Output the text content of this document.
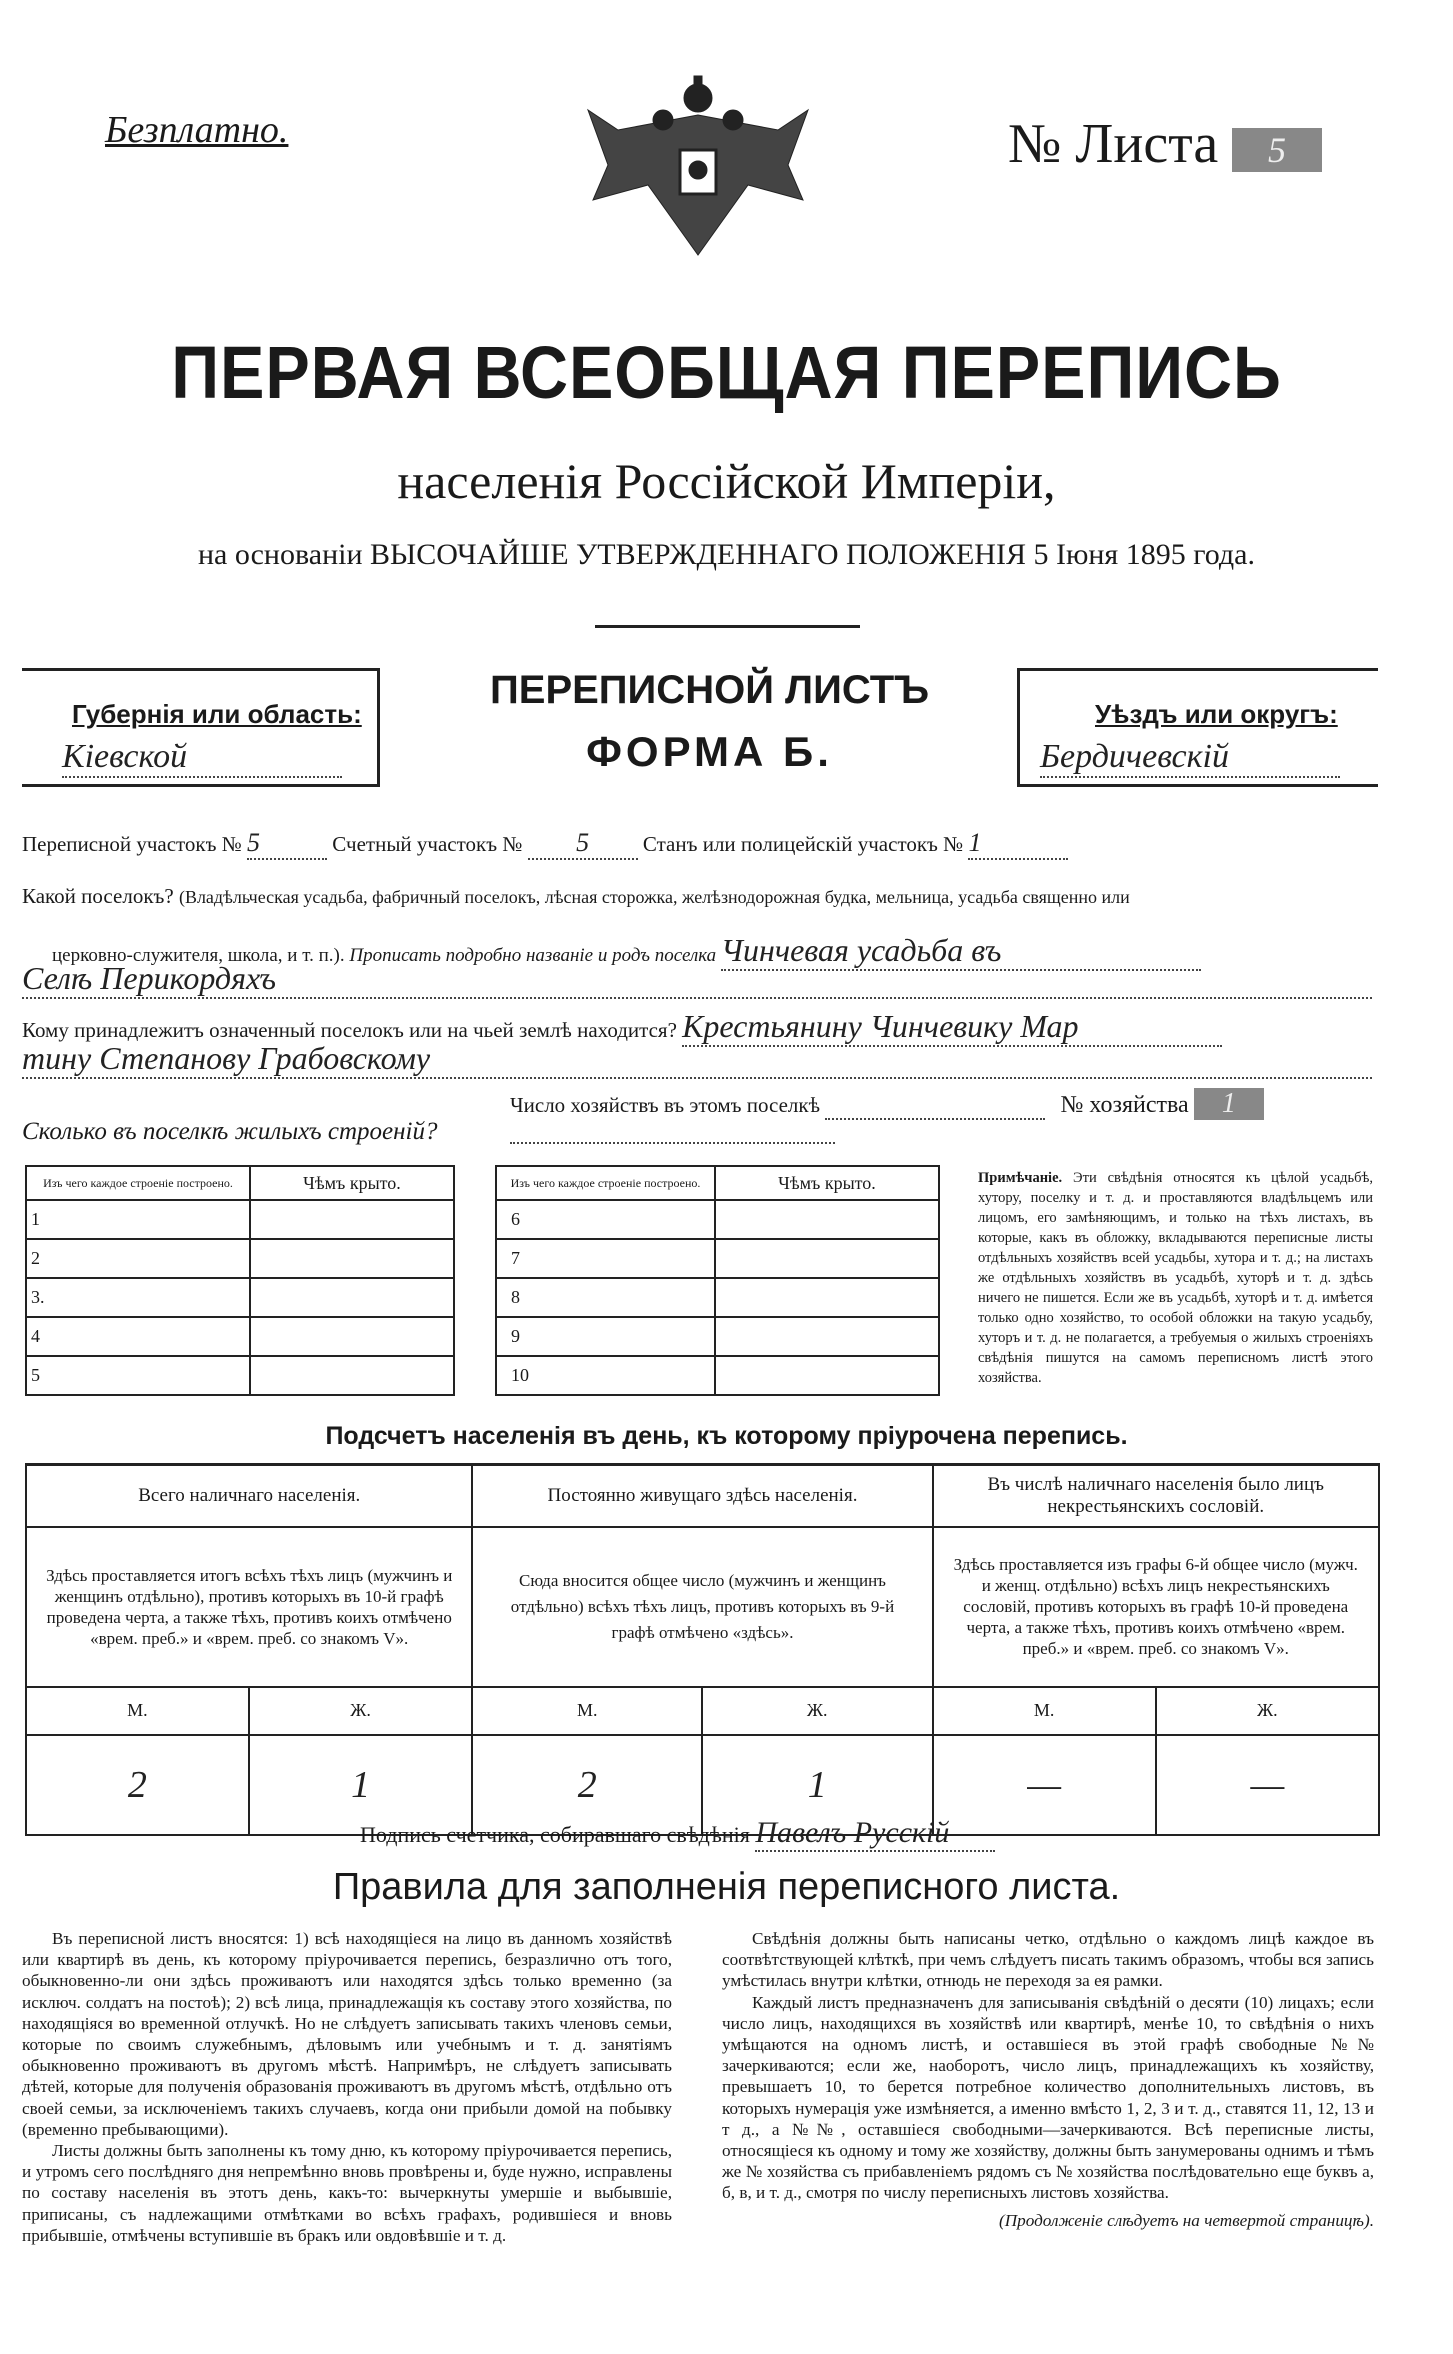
Безплатно.	№ Листа	5
ПЕРВАЯ ВСЕОБЩАЯ ПЕРЕПИСЬ
населенія Россійской Имперіи,
на основаніи ВЫСОЧАЙШЕ УТВЕРЖДЕННАГО ПОЛОЖЕНІЯ 5 Іюня 1895 года.
Губернія или область:
Кіевской
ПЕРЕПИСНОЙ ЛИСТЪ
ФОРМА Б.
Уѣздъ или округъ:
Бердичевскій
Переписной участокъ № 5	Счетный участокъ № 5	Станъ или полицейскій участокъ № 1
Какой поселокъ? (Владѣльческая усадьба, фабричный поселокъ, лѣсная сторожка, желѣзнодорожная будка, мельница, усадьба священно или
церковно-служителя, школа, и т. п.). Прописать подробно названіе и родъ поселка Чинчевая усадьба въ
Селѣ Перикордяхъ
Кому принадлежитъ означенный поселокъ или на чьей землѣ находится? Крестьянину Чинчевику Мар
тину Степанову Грабовскому
Число хозяйствъ въ этомъ поселкѣ	№ хозяйства 1
Сколько въ поселкѣ жилыхъ строеній?
Изъ чего каждое строеніе построено.	Чѣмъ крыто.
1	
2	
3.	
4	
5	
Изъ чего каждое строеніе построено.	Чѣмъ крыто.
6	
7	
8	
9	
10	
Примѣчаніе. Эти свѣдѣнія относятся къ цѣлой усадьбѣ, хутору, поселку и т. д. и проставляются владѣльцемъ или лицомъ, его замѣняющимъ, и только на тѣхъ листахъ, въ которые, какъ въ обложку, вкладываются переписные листы отдѣльныхъ хозяйствъ всей усадьбы, хутора и т. д.; на листахъ же отдѣльныхъ хозяйствъ въ усадьбѣ, хуторѣ и т. д. здѣсь ничего не пишется. Если же въ усадьбѣ, хуторѣ и т. д. имѣется только одно хозяйство, то особой обложки на такую усадьбу, хуторъ и т. д. не полагается, а требуемыя о жилыхъ строеніяхъ свѣдѣнія пишутся на самомъ переписномъ листѣ этого хозяйства.
Подсчетъ населенія въ день, къ которому пріурочена перепись.
Всего наличнаго населенія.		Постоянно живущаго здѣсь населенія.		Въ числѣ наличнаго населенія было лицъ некрестьянскихъ сословій.	
Здѣсь проставляется итогъ всѣхъ тѣхъ лицъ (мужчинъ и женщинъ отдѣльно), противъ которыхъ въ 10-й графѣ проведена черта, а также тѣхъ, противъ коихъ отмѣчено «врем. преб.» и «врем. преб. со знакомъ V».		Сюда вносится общее число (мужчинъ и женщинъ отдѣльно) всѣхъ тѣхъ лицъ, противъ которыхъ въ 9-й графѣ отмѣчено «здѣсь».		Здѣсь проставляется изъ графы 6-й общее число (мужч. и женщ. отдѣльно) всѣхъ лицъ некрестьянскихъ сословій, противъ которыхъ въ графѣ 10-й проведена черта, а также тѣхъ, противъ коихъ отмѣчено «врем. преб.» и «врем. преб. со знакомъ V».	
М.	Ж.	М.	Ж.	М.	Ж.
2	1	2	1	—	—
Подпись счетчика, собиравшаго свѣдѣнія Павелъ Русскій
Правила для заполненія переписного листа.

Въ переписной листъ вносятся: 1) всѣ находящіеся на лицо въ данномъ хозяйствѣ или квартирѣ въ день, къ которому пріурочивается перепись, безразлично отъ того, обыкновенно-ли они здѣсь проживаютъ или находятся здѣсь только временно (за исключ. солдатъ на постоѣ); 2) всѣ лица, принадлежащія къ составу этого хозяйства, по находящіяся во временной отлучкѣ. Но не слѣдуетъ записывать такихъ членовъ семьи, которые по своимъ служебнымъ, дѣловымъ или учебнымъ и т. д. занятіямъ обыкновенно проживаютъ въ другомъ мѣстѣ. Напримѣръ, не слѣдуетъ записывать дѣтей, которые для полученія образованія проживаютъ въ другомъ мѣстѣ, отдѣльно отъ своей семьи, за исключеніемъ такихъ случаевъ, когда они прибыли домой на побывку (временно пребывающими).

Листы должны быть заполнены къ тому дню, къ которому пріурочивается перепись, и утромъ сего послѣдняго дня непремѣнно вновь провѣрены и, буде нужно, исправлены по составу населенія въ этотъ день, какъ-то: вычеркнуты умершіе и выбывшіе, приписаны, съ надлежащими отмѣтками во всѣхъ графахъ, родившіеся и вновь прибывшіе, отмѣчены вступившіе въ бракъ или овдовѣвшіе и т. д.

Свѣдѣнія должны быть написаны четко, отдѣльно о каждомъ лицѣ каждое въ соотвѣтствующей клѣткѣ, при чемъ слѣдуетъ писать такимъ образомъ, чтобы вся запись умѣстилась внутри клѣтки, отнюдь не переходя за ея рамки.

Каждый листъ предназначенъ для записыванія свѣдѣній о десяти (10) лицахъ; если число лицъ, находящихся въ хозяйствѣ или квартирѣ, менѣе 10, то свѣдѣнія о нихъ умѣщаются на одномъ листѣ, и оставшіеся въ этой графѣ свободные №№ зачеркиваются; если же, наоборотъ, число лицъ, принадлежащихъ къ хозяйству, превышаетъ 10, то берется потребное количество дополнительныхъ листовъ, въ которыхъ нумерація уже измѣняется, а именно вмѣсто 1, 2, 3 и т. д., ставятся 11, 12, 13 и т д., а №№, оставшіеся свободными—зачеркиваются. Всѣ переписные листы, относящіеся къ одному и тому же хозяйству, должны быть занумерованы однимъ и тѣмъ же № хозяйства съ прибавленіемъ рядомъ съ № хозяйства послѣдовательно еще буквъ а, б, в, и т. д., смотря по числу переписныхъ листовъ хозяйства.

(Продолженіе слѣдуетъ на четвертой страницѣ).
